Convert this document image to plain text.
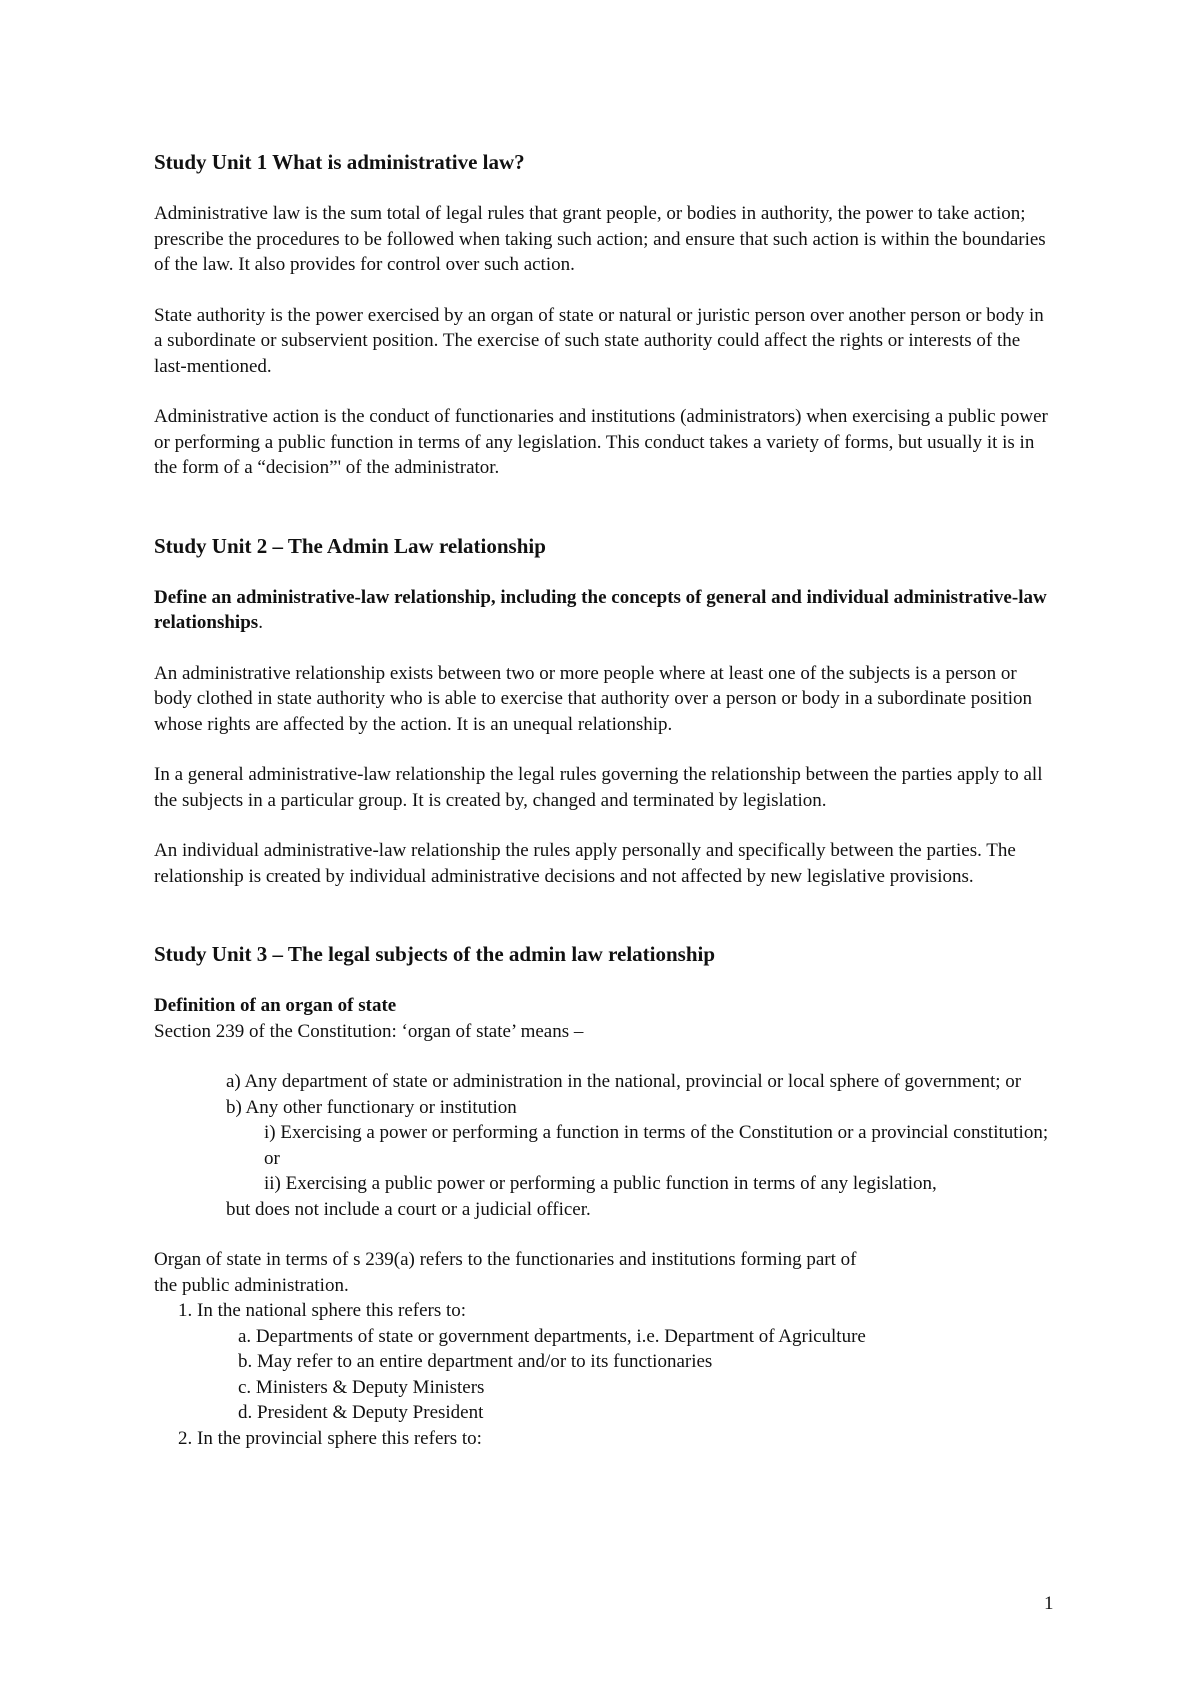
Study Unit 1 What is administrative law?

Administrative law is the sum total of legal rules that grant people, or bodies in authority, the power to take action; prescribe the procedures to be followed when taking such action; and ensure that such action is within the boundaries of the law. It also provides for control over such action.

State authority is the power exercised by an organ of state or natural or juristic person over another person or body in a subordinate or subservient position. The exercise of such state authority could affect the rights or interests of the last-mentioned.

Administrative action is the conduct of functionaries and institutions (administrators) when exercising a public power or performing a public function in terms of any legislation. This conduct takes a variety of forms, but usually it is in the form of a “decision”' of the administrator.

Study Unit 2 – The Admin Law relationship

Define an administrative-law relationship, including the concepts of general and individual administrative-law relationships.

An administrative relationship exists between two or more people where at least one of the subjects is a person or body clothed in state authority who is able to exercise that authority over a person or body in a subordinate position whose rights are affected by the action. It is an unequal relationship.

In a general administrative-law relationship the legal rules governing the relationship between the parties apply to all the subjects in a particular group. It is created by, changed and terminated by legislation.

An individual administrative-law relationship the rules apply personally and specifically between the parties. The relationship is created by individual administrative decisions and not affected by new legislative provisions.

Study Unit 3 – The legal subjects of the admin law relationship

Definition of an organ of state

Section 239 of the Constitution: ‘organ of state’ means –

a) Any department of state or administration in the national, provincial or local sphere of government; or

b) Any other functionary or institution

i) Exercising a power or performing a function in terms of the Constitution or a provincial constitution; or

ii) Exercising a public power or performing a public function in terms of any legislation,

but does not include a court or a judicial officer.

Organ of state in terms of s 239(a) refers to the functionaries and institutions forming part of

the public administration.

1. In the national sphere this refers to:

a. Departments of state or government departments, i.e. Department of Agriculture

b. May refer to an entire department and/or to its functionaries

c. Ministers & Deputy Ministers

d. President & Deputy President

2. In the provincial sphere this refers to:

1
